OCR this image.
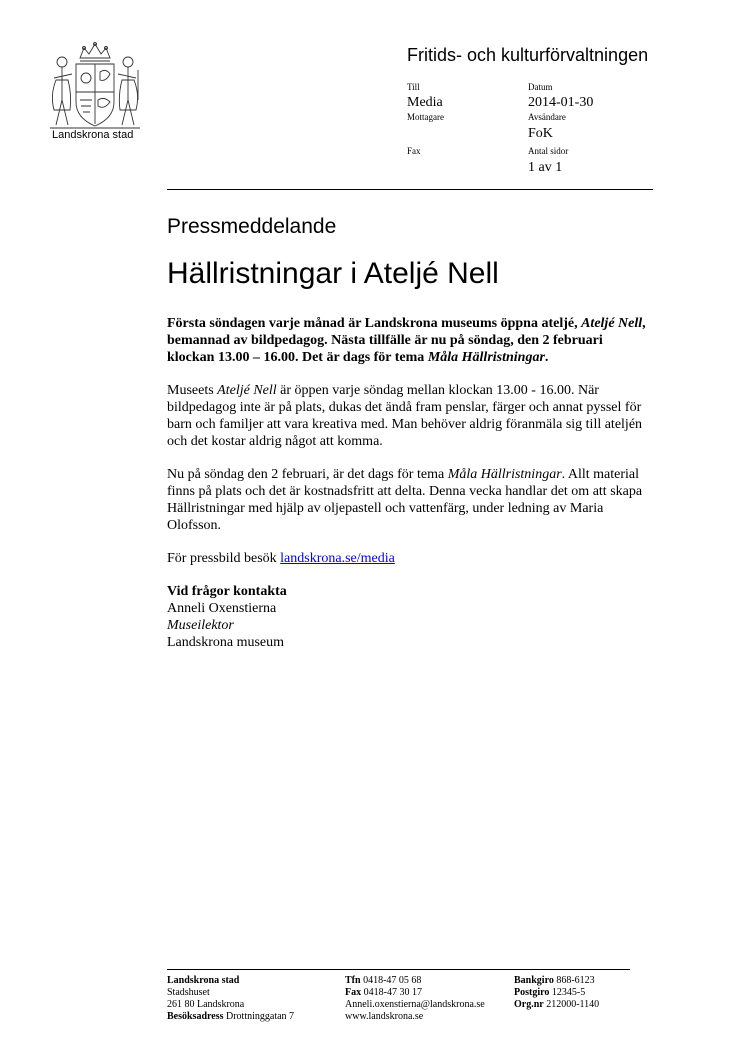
Landskrona stad
Fritids- och kulturförvaltningen
Till
Media
Mottagare
Fax
Datum
2014-01-30
Avsändare
FoK
Antal sidor
1 av 1
Pressmeddelande
Hällristningar i Ateljé Nell

Första söndagen varje månad är Landskrona museums öppna ateljé, Ateljé Nell, bemannad av bildpedagog. Nästa tillfälle är nu på söndag, den 2 februari klockan 13.00 – 16.00. Det är dags för tema Måla Hällristningar.

Museets Ateljé Nell är öppen varje söndag mellan klockan 13.00 - 16.00. När bildpedagog inte är på plats, dukas det ändå fram penslar, färger och annat pyssel för barn och familjer att vara kreativa med. Man behöver aldrig föranmäla sig till ateljén och det kostar aldrig något att komma.

Nu på söndag den 2 februari, är det dags för tema Måla Hällristningar. Allt material finns på plats och det är kostnadsfritt att delta. Denna vecka handlar det om att skapa Hällristningar med hjälp av oljepastell och vattenfärg, under ledning av Maria Olofsson.

För pressbild besök landskrona.se/media

Vid frågor kontakta
Anneli Oxenstierna
Museilektor
Landskrona museum
Landskrona stad
Stadshuset
261 80 Landskrona
Besöksadress Drottninggatan 7
Tfn 0418-47 05 68
Fax 0418-47 30 17
Anneli.oxenstierna@landskrona.se
www.landskrona.se
Bankgiro 868-6123
Postgiro 12345-5
Org.nr 212000-1140
